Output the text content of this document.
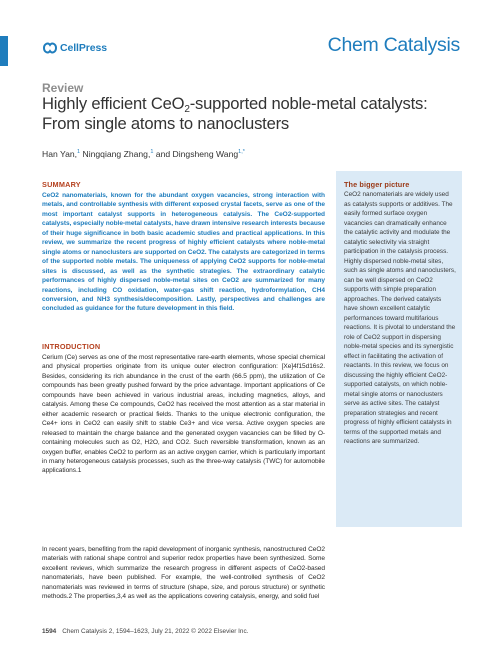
CellPress	Chem Catalysis
Review
Highly efficient CeO$_2$-supported noble-metal catalysts: From single atoms to nanoclusters
Han Yan,$^1$ Ningqiang Zhang,$^1$ and Dingsheng Wang$^{1,*}$
SUMMARY
CeO2 nanomaterials, known for the abundant oxygen vacancies, strong interaction with metals, and controllable synthesis with different exposed crystal facets, serve as one of the most important catalyst supports in heterogeneous catalysis. The CeO2-supported catalysts, especially noble-metal catalysts, have drawn intensive research interests because of their huge significance in both basic academic studies and practical applications. In this review, we summarize the recent progress of highly efficient catalysts where noble-metal single atoms or nanoclusters are supported on CeO2. The catalysts are categorized in terms of the supported noble metals. The uniqueness of applying CeO2 supports for noble-metal sites is discussed, as well as the synthetic strategies. The extraordinary catalytic performances of highly dispersed noble-metal sites on CeO2 are summarized for many reactions, including CO oxidation, water-gas shift reaction, hydroformylation, CH4 conversion, and NH3 synthesis/decomposition. Lastly, perspectives and challenges are concluded as guidance for the future development in this field.
INTRODUCTION
Cerium (Ce) serves as one of the most representative rare-earth elements, whose special chemical and physical properties originate from its unique outer electron configuration: [Xe]4f15d16s2. Besides, considering its rich abundance in the crust of the earth (66.5 ppm), the utilization of Ce compounds has been greatly pushed forward by the price advantage. Important applications of Ce compounds have been achieved in various industrial areas, including magnetics, alloys, and catalysis. Among these Ce compounds, CeO2 has received the most attention as a star material in either academic research or practical fields. Thanks to the unique electronic configuration, the Ce4+ ions in CeO2 can easily shift to stable Ce3+ and vice versa. Active oxygen species are released to maintain the charge balance and the generated oxygen vacancies can be filled by O-containing molecules such as O2, H2O, and CO2. Such reversible transformation, known as an oxygen buffer, enables CeO2 to perform as an active oxygen carrier, which is particularly important in many heterogeneous catalysis processes, such as the three-way catalysis (TWC) for automobile applications.1
In recent years, benefiting from the rapid development of inorganic synthesis, nanostructured CeO2 materials with rational shape control and superior redox properties have been synthesized. Some excellent reviews, which summarize the research progress in different aspects of CeO2-based nanomaterials, have been published. For example, the well-controlled synthesis of CeO2 nanomaterials was reviewed in terms of structure (shape, size, and porous structure) or synthetic methods.2 The properties,3,4 as well as the applications covering catalysis, energy, and solid fuel
The bigger picture
CeO2 nanomaterials are widely used as catalysts supports or additives. The easily formed surface oxygen vacancies can dramatically enhance the catalytic activity and modulate the catalytic selectivity via straight participation in the catalysis process. Highly dispersed noble-metal sites, such as single atoms and nanoclusters, can be well dispersed on CeO2 supports with simple preparation approaches. The derived catalysts have shown excellent catalytic performances toward multifarious reactions. It is pivotal to understand the role of CeO2 support in dispersing noble-metal species and its synergistic effect in facilitating the activation of reactants. In this review, we focus on discussing the highly efficient CeO2-supported catalysts, on which noble-metal single atoms or nanoclusters serve as active sites. The catalyst preparation strategies and recent progress of highly efficient catalysts in terms of the supported metals and reactions are summarized.
1594 Chem Catalysis 2, 1594–1623, July 21, 2022 © 2022 Elsevier Inc.
